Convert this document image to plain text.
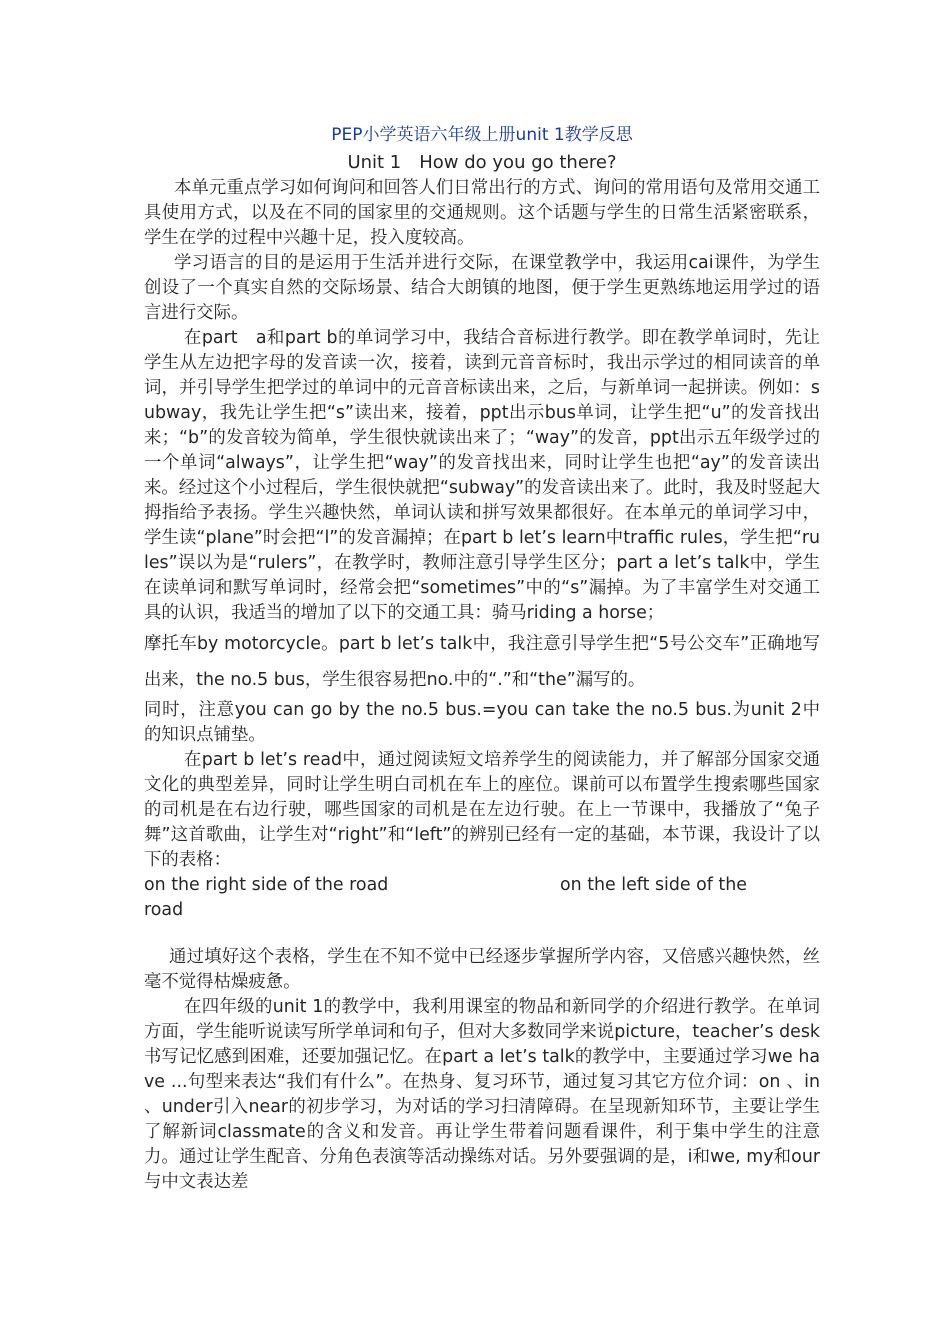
PEP小学英语六年级上册unit 1教学反思
Unit 1　How do you go there?
本单元重点学习如何询问和回答人们日常出行的方式、询问的常用语句及常用交通工具使用方式，以及在不同的国家里的交通规则。这个话题与学生的日常生活紧密联系，学生在学的过程中兴趣十足，投入度较高。
学习语言的目的是运用于生活并进行交际，在课堂教学中，我运用cai课件，为学生创设了一个真实自然的交际场景、结合大朗镇的地图，便于学生更熟练地运用学过的语言进行交际。
在part　a和part b的单词学习中，我结合音标进行教学。即在教学单词时，先让学生从左边把字母的发音读一次，接着，读到元音音标时，我出示学过的相同读音的单词，并引导学生把学过的单词中的元音音标读出来，之后，与新单词一起拼读。例如：subway，我先让学生把“s”读出来，接着，ppt出示bus单词，让学生把“u”的发音找出来；“b”的发音较为简单，学生很快就读出来了；“way”的发音，ppt出示五年级学过的一个单词“always”，让学生把“way”的发音找出来，同时让学生也把“ay”的发音读出来。经过这个小过程后，学生很快就把“subway”的发音读出来了。此时，我及时竖起大拇指给予表扬。学生兴趣快然，单词认读和拼写效果都很好。在本单元的单词学习中，学生读“plane”时会把“l”的发音漏掉；在part b let’s learn中traffic rules，学生把“rules”误以为是“rulers”，在教学时，教师注意引导学生区分；part a let’s talk中，学生在读单词和默写单词时，经常会把“sometimes”中的“s”漏掉。为了丰富学生对交通工具的认识，我适当的增加了以下的交通工具：骑马riding a horse；
摩托车by motorcycle。part b let’s talk中，我注意引导学生把“5号公交车”正确地写出来，the no.5 bus，学生很容易把no.中的“.”和“the”漏写的。
同时，注意you can go by the no.5 bus.=you can take the no.5 bus.为unit 2中的知识点铺垫。
在part b let’s read中，通过阅读短文培养学生的阅读能力，并了解部分国家交通文化的典型差异，同时让学生明白司机在车上的座位。课前可以布置学生搜索哪些国家的司机是在右边行驶，哪些国家的司机是在左边行驶。在上一节课中，我播放了“兔子舞”这首歌曲，让学生对“right”和“left”的辨别已经有一定的基础，本节课，我设计了以下的表格：
on the right side of the road	on the left side of the
road
通过填好这个表格，学生在不知不觉中已经逐步掌握所学内容，又倍感兴趣快然，丝毫不觉得枯燥疲惫。
在四年级的unit 1的教学中，我利用课室的物品和新同学的介绍进行教学。在单词方面，学生能听说读写所学单词和句子，但对大多数同学来说picture，teacher’s desk书写记忆感到困难，还要加强记忆。在part a let’s talk的教学中，主要通过学习we have ...句型来表达“我们有什么”。在热身、复习环节，通过复习其它方位介词：on 、in 、under引入near的初步学习，为对话的学习扫清障碍。在呈现新知环节，主要让学生了解新词classmate的含义和发音。再让学生带着问题看课件，利于集中学生的注意力。通过让学生配音、分角色表演等活动操练对话。另外要强调的是，i和we, my和our与中文表达差
